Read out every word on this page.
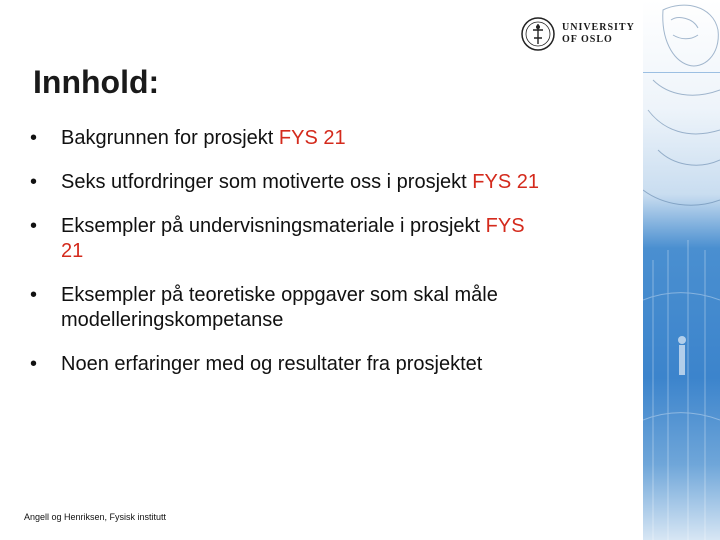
UNIVERSITY
OF OSLO
Innhold:
• Bakgrunnen for prosjekt FYS 21
• Seks utfordringer som motiverte oss i prosjekt FYS 21
• Eksempler på undervisningsmateriale i prosjekt FYS
21
• Eksempler på teoretiske oppgaver som skal måle modelleringskompetanse
• Noen erfaringer med og resultater fra prosjektet
Angell og Henriksen, Fysisk institutt
